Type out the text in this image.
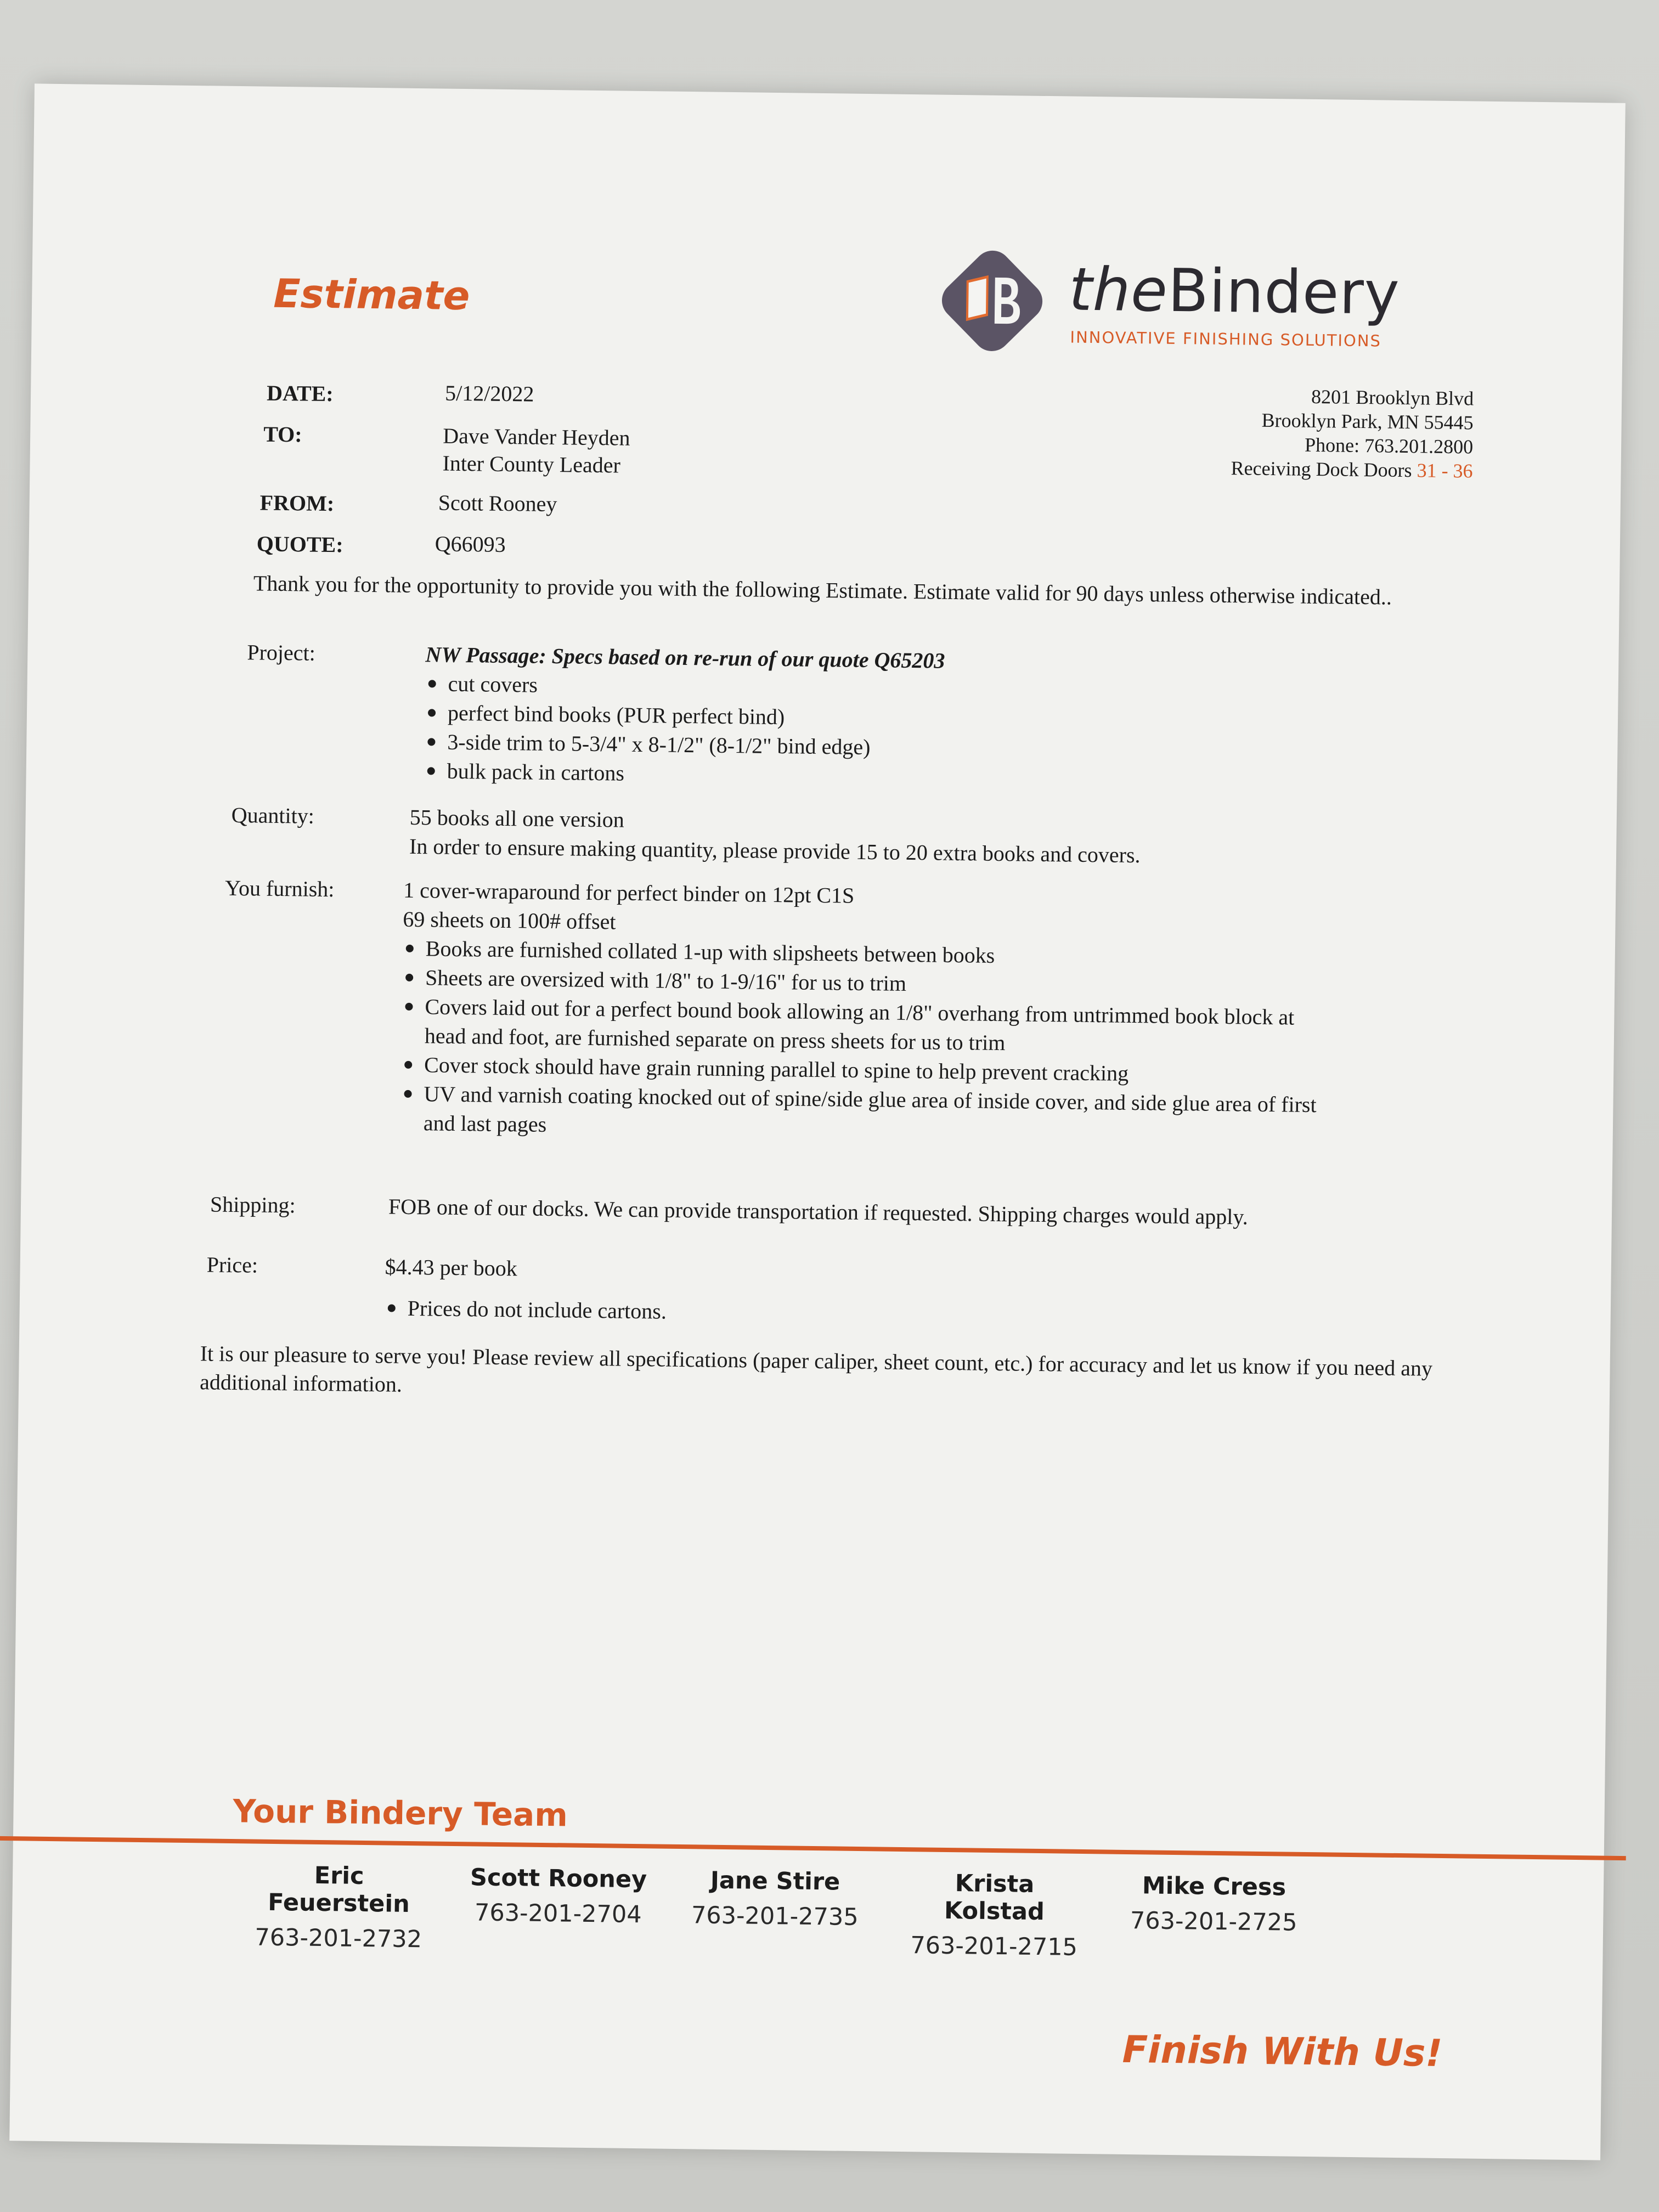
Estimate	theBindery
INNOVATIVE FINISHING SOLUTIONS
8201 Brooklyn Blvd
Brooklyn Park, MN 55445
Phone: 763.201.2800
Receiving Dock Doors 31 - 36
DATE:	5/12/2022
TO:	Dave Vander Heyden
Inter County Leader
FROM:	Scott Rooney
QUOTE:	Q66093
Thank you for the opportunity to provide you with the following Estimate. Estimate valid for 90 days unless otherwise indicated..
Project:	NW Passage: Specs based on re-run of our quote Q65203
cut covers
perfect bind books (PUR perfect bind)
3-side trim to 5-3/4" x 8-1/2" (8-1/2" bind edge)
bulk pack in cartons
Quantity:	55 books all one version
In order to ensure making quantity, please provide 15 to 20 extra books and covers.
You furnish:	1 cover-wraparound for perfect binder on 12pt C1S
69 sheets on 100# offset
Books are furnished collated 1-up with slipsheets between books
Sheets are oversized with 1/8" to 1-9/16" for us to trim
Covers laid out for a perfect bound book allowing an 1/8" overhang from untrimmed book block at head and foot, are furnished separate on press sheets for us to trim
Cover stock should have grain running parallel to spine to help prevent cracking
UV and varnish coating knocked out of spine/side glue area of inside cover, and side glue area of first and last pages
Shipping:	FOB one of our docks. We can provide transportation if requested. Shipping charges would apply.
Price:	$4.43 per book
Prices do not include cartons.
It is our pleasure to serve you! Please review all specifications (paper caliper, sheet count, etc.) for accuracy and let us know if you need any additional information.
Your Bindery Team
Eric Feuerstein
763-201-2732
Scott Rooney
763-201-2704
Jane Stire
763-201-2735
Krista Kolstad
763-201-2715
Mike Cress
763-201-2725
Finish With Us!
